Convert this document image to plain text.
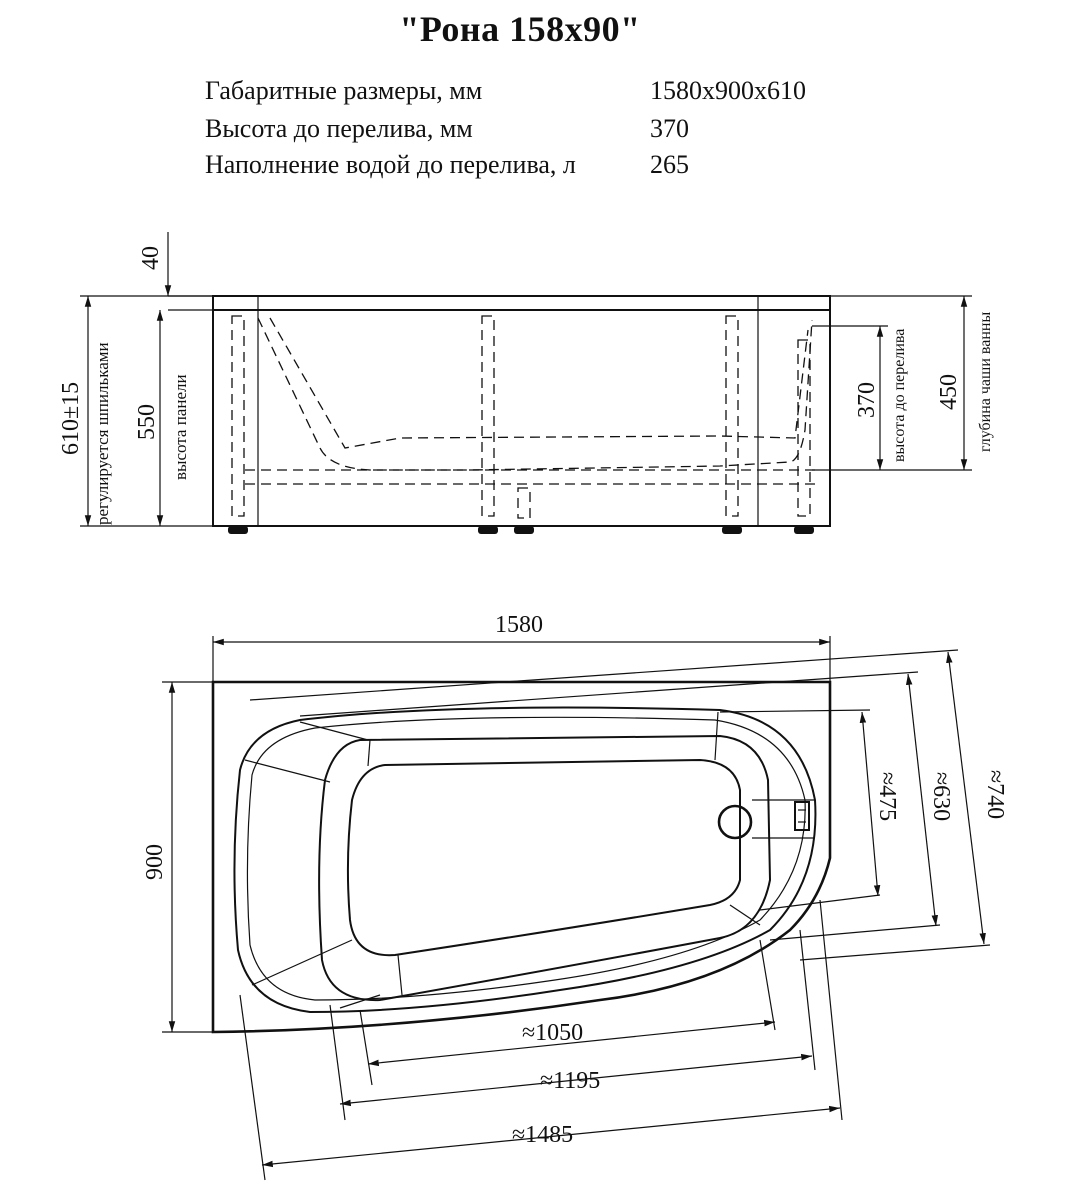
"Рона 158х90"
Габаритные размеры, мм	1580х900х610
Высота до перелива, мм	370
Наполнение водой до перелива, л	265
40
610±15 регулируется шпильками 550 высота панели	370 высота до перелива 450 глубина чаши ванны
1580
900
≈1050
≈1195
≈1485
≈475 ≈630 ≈740
